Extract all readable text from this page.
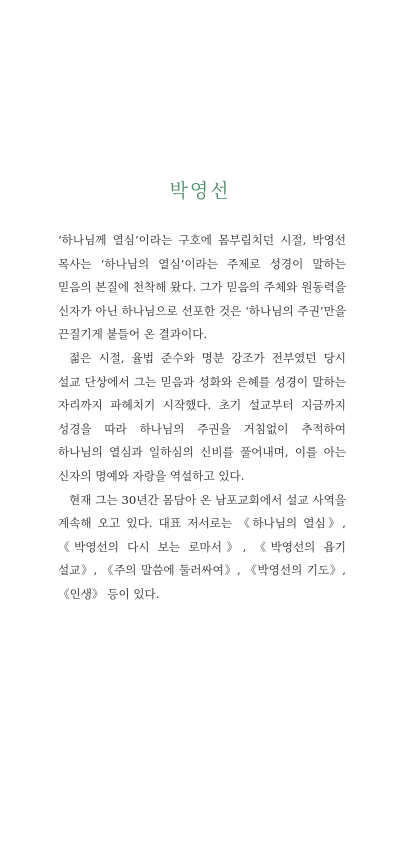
박영선

‘하나님께 열심’이라는 구호에 몸부림치던 시절, 박영선 목사는 ‘하나님의 열심’이라는 주제로 성경이 말하는 믿음의 본질에 천착해 왔다. 그가 믿음의 주체와 원동력을 신자가 아닌 하나님으로 선포한 것은 ‘하나님의 주권’만을 끈질기게 붙들어 온 결과이다.

젊은 시절, 율법 준수와 명분 강조가 전부였던 당시 설교 단상에서 그는 믿음과 성화와 은혜를 성경이 말하는 자리까지 파헤치기 시작했다. 초기 설교부터 지금까지 성경을 따라 하나님의 주권을 거침없이 추적하여 하나님의 열심과 일하심의 신비를 풀어내며, 이를 아는 신자의 명예와 자랑을 역설하고 있다.

현재 그는 30년간 몸담아 온 남포교회에서 설교 사역을 계속해 오고 있다. 대표 저서로는 《하나님의 열심》, 《박영선의 다시 보는 로마서》, 《박영선의 욥기 설교》, 《주의 말씀에 둘러싸여》, 《박영선의 기도》, 《인생》 등이 있다.
